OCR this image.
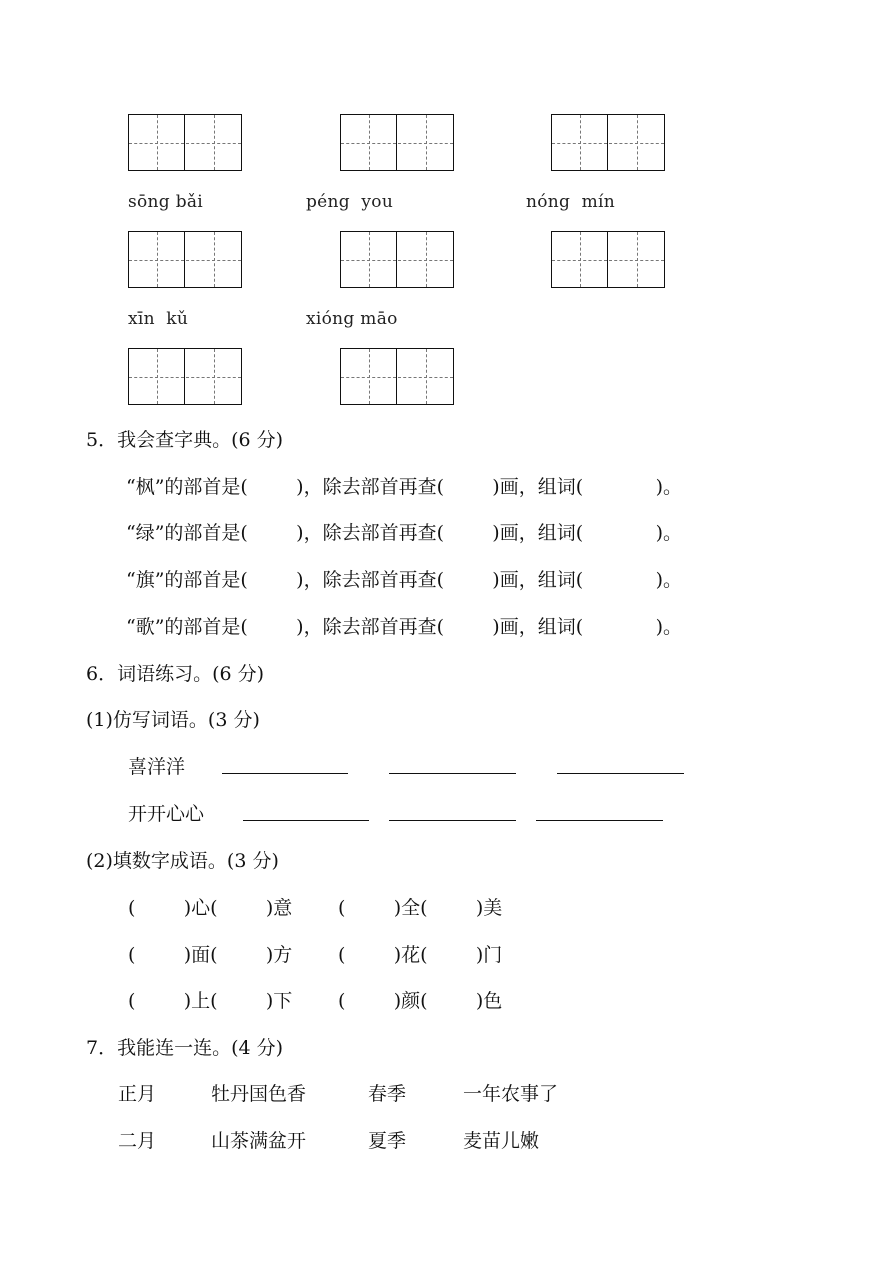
sōng bǎi	péng  you	nóng  mín
xīn  kǔ	xióng māo
5．我会查字典。(6 分)
“枫”的部首是(        )，除去部首再查(        )画，组词(            )。
“绿”的部首是(        )，除去部首再查(        )画，组词(            )。
“旗”的部首是(        )，除去部首再查(        )画，组词(            )。
“歌”的部首是(        )，除去部首再查(        )画，组词(            )。
6．词语练习。(6 分)
(1)仿写词语。(3 分)
喜洋洋
开开心心
(2)填数字成语。(3 分)
(        )心(        )意 (        )全(        )美
(        )面(        )方 (        )花(        )门
(        )上(        )下 (        )颜(        )色
7．我能连一连。(4 分)
正月	牡丹国色香	春季	一年农事了
二月	山茶满盆开	夏季	麦苗儿嫩
